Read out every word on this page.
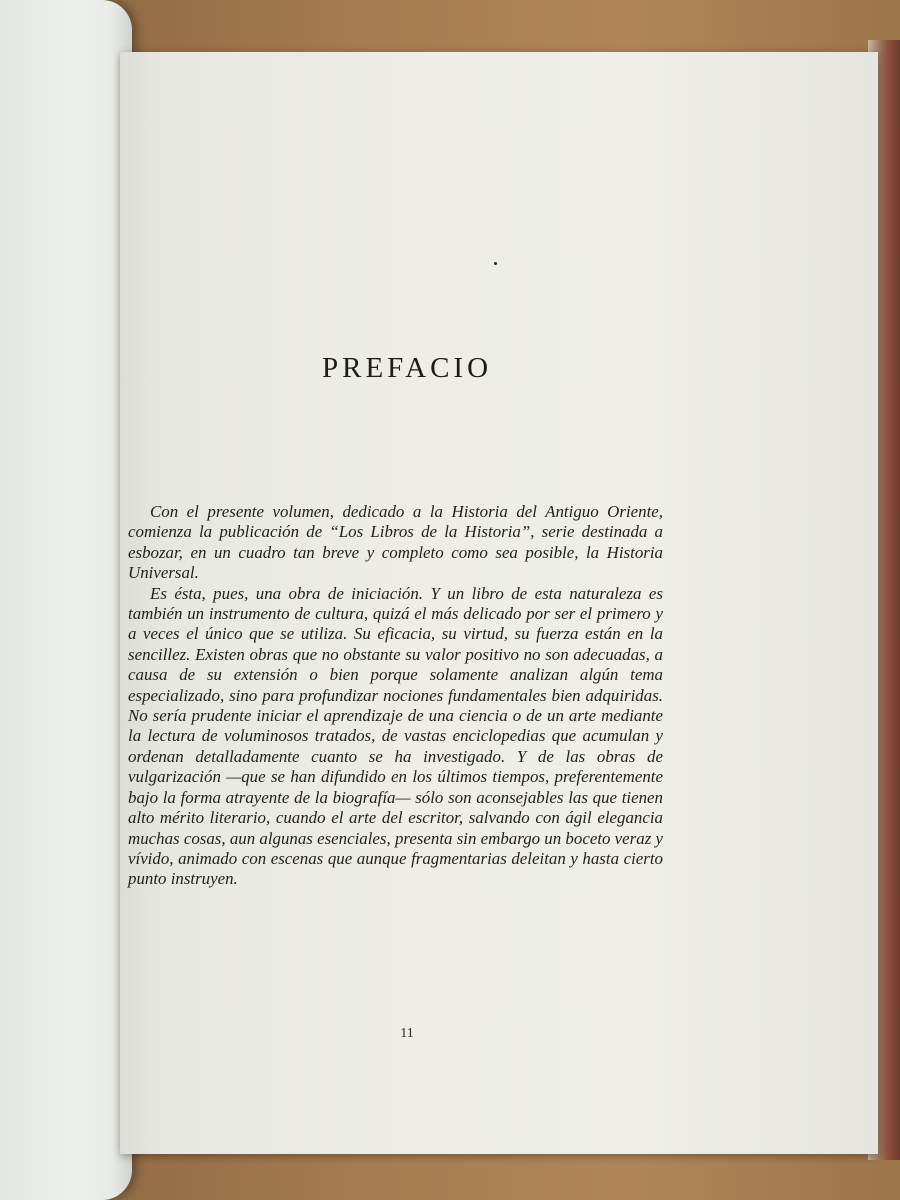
PREFACIO

Con el presente volumen, dedicado a la Historia del Antiguo Oriente, comienza la publicación de “Los Libros de la Historia”, serie destinada a esbozar, en un cuadro tan breve y completo como sea posible, la Historia Universal.

Es ésta, pues, una obra de iniciación. Y un libro de esta naturaleza es también un instrumento de cultura, quizá el más delicado por ser el primero y a veces el único que se utiliza. Su eficacia, su virtud, su fuerza están en la sencillez. Existen obras que no obstante su valor positivo no son adecuadas, a causa de su extensión o bien porque solamente analizan algún tema especializado, sino para profundizar nociones fundamentales bien adquiridas. No sería prudente iniciar el aprendizaje de una ciencia o de un arte mediante la lectura de voluminosos tratados, de vastas enciclopedias que acumulan y ordenan detalladamente cuanto se ha investigado. Y de las obras de vulgarización —que se han difundido en los últimos tiempos, preferentemente bajo la forma atrayente de la biografía— sólo son aconsejables las que tienen alto mérito literario, cuando el arte del escritor, salvando con ágil elegancia muchas cosas, aun algunas esenciales, presenta sin embargo un boceto veraz y vívido, animado con escenas que aunque fragmentarias deleitan y hasta cierto punto instruyen.

11
